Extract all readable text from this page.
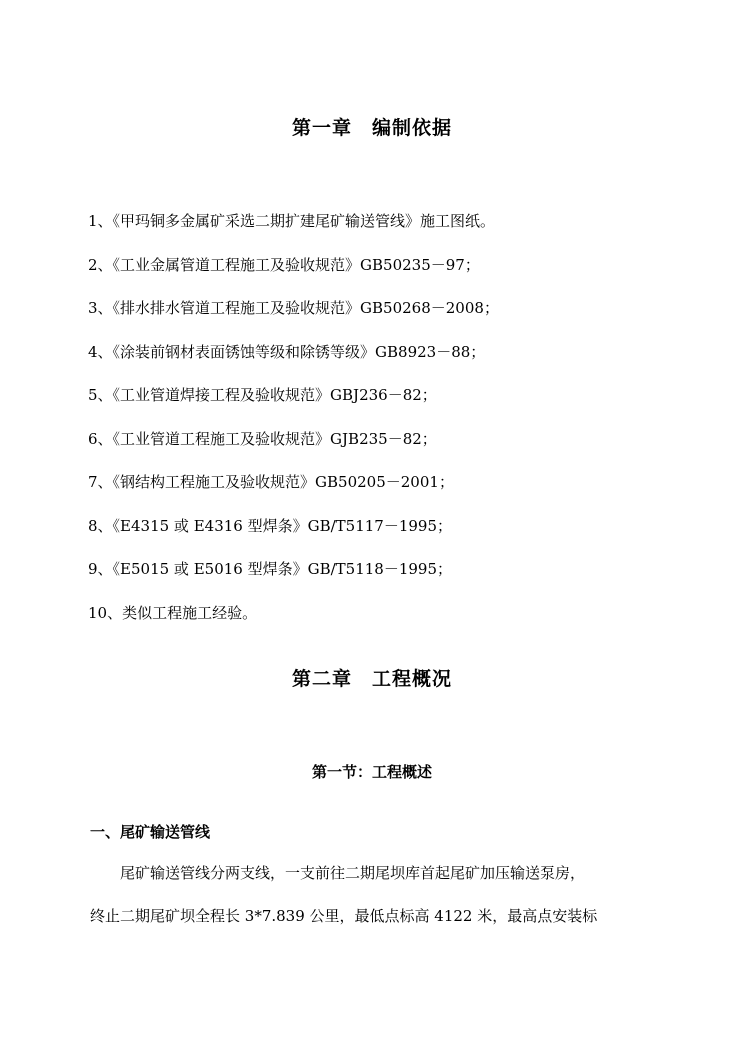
第一章　编制依据
1、《甲玛铜多金属矿采选二期扩建尾矿输送管线》施工图纸。
2、《工业金属管道工程施工及验收规范》GB50235－97；
3、《排水排水管道工程施工及验收规范》GB50268－2008；
4、《涂装前钢材表面锈蚀等级和除锈等级》GB8923－88；
5、《工业管道焊接工程及验收规范》GBJ236－82；
6、《工业管道工程施工及验收规范》GJB235－82；
7、《钢结构工程施工及验收规范》GB50205－2001；
8、《E4315 或 E4316 型焊条》GB/T5117－1995；
9、《E5015 或 E5016 型焊条》GB/T5118－1995；
10、类似工程施工经验。
第二章　工程概况
第一节：工程概述
一、尾矿输送管线
尾矿输送管线分两支线，一支前往二期尾坝库首起尾矿加压输送泵房，
终止二期尾矿坝全程长 3*7.839 公里，最低点标高 4122 米，最高点安装标
